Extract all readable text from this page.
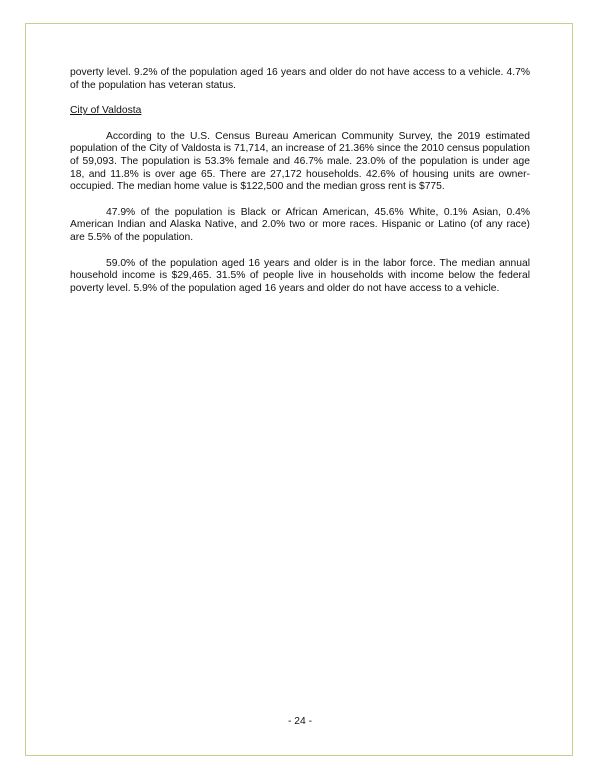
poverty level. 9.2% of the population aged 16 years and older do not have access to a vehicle. 4.7% of the population has veteran status.

City of Valdosta

According to the U.S. Census Bureau American Community Survey, the 2019 estimated population of the City of Valdosta is 71,714, an increase of 21.36% since the 2010 census population of 59,093. The population is 53.3% female and 46.7% male. 23.0% of the population is under age 18, and 11.8% is over age 65. There are 27,172 households. 42.6% of housing units are owner-occupied. The median home value is $122,500 and the median gross rent is $775.

47.9% of the population is Black or African American, 45.6% White, 0.1% Asian, 0.4% American Indian and Alaska Native, and 2.0% two or more races. Hispanic or Latino (of any race) are 5.5% of the population.

59.0% of the population aged 16 years and older is in the labor force. The median annual household income is $29,465. 31.5% of people live in households with income below the federal poverty level. 5.9% of the population aged 16 years and older do not have access to a vehicle.

- 24 -
